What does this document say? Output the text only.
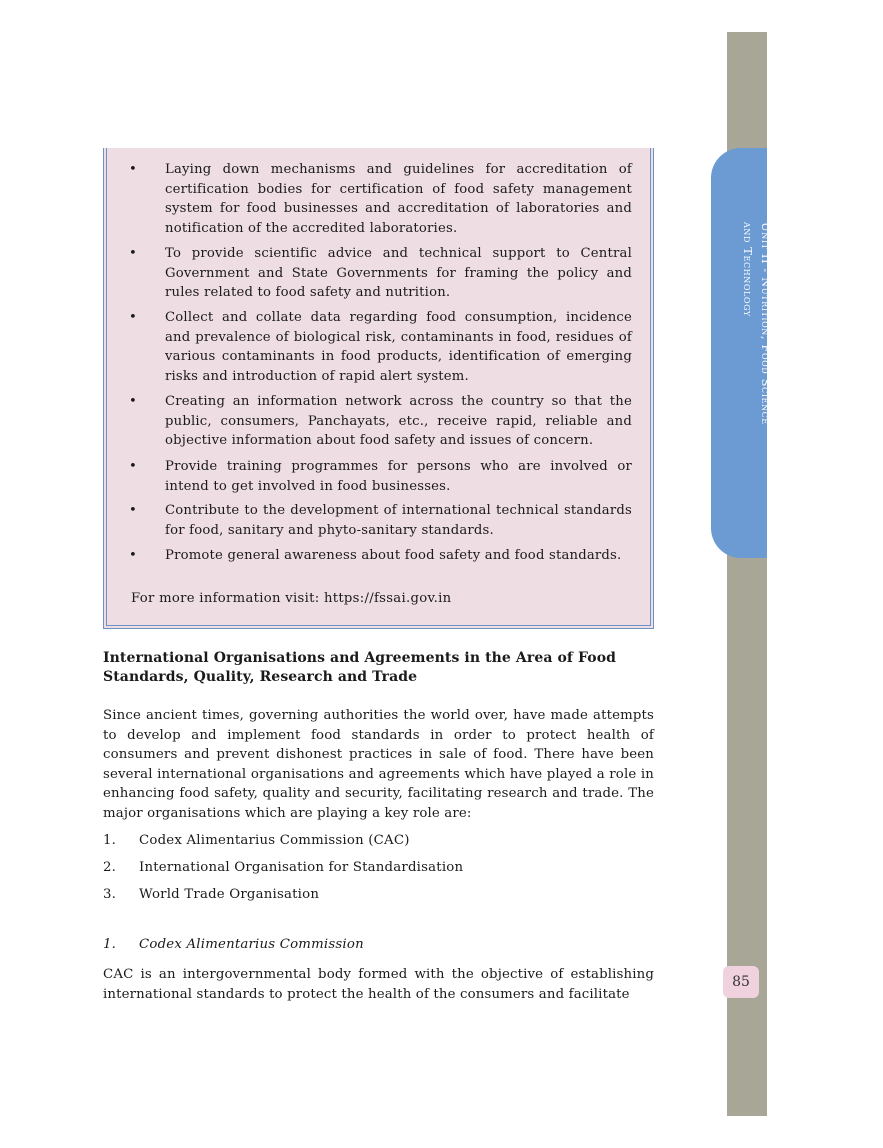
Unit II - Nutrition, Food Science
and Technology
85
• Laying down mechanisms and guidelines for accreditation of certification bodies for certification of food safety management system for food businesses and accreditation of laboratories and notification of the accredited laboratories.
• To provide scientific advice and technical support to Central Government and State Governments for framing the policy and rules related to food safety and nutrition.
• Collect and collate data regarding food consumption, incidence and prevalence of biological risk, contaminants in food, residues of various contaminants in food products, identification of emerging risks and introduction of rapid alert system.
• Creating an information network across the country so that the public, consumers, Panchayats, etc., receive rapid, reliable and objective information about food safety and issues of concern.
• Provide training programmes for persons who are involved or intend to get involved in food businesses.
• Contribute to the development of international technical standards for food, sanitary and phyto-sanitary standards.
• Promote general awareness about food safety and food standards.
For more information visit: https://fssai.gov.in
International Organisations and Agreements in the Area of Food Standards, Quality, Research and Trade
Since ancient times, governing authorities the world over, have made attempts to develop and implement food standards in order to protect health of consumers and prevent dishonest practices in sale of food. There have been several international organisations and agreements which have played a role in enhancing food safety, quality and security, facilitating research and trade. The major organisations which are playing a key role are:
1. Codex Alimentarius Commission (CAC)
2. International Organisation for Standardisation
3. World Trade Organisation
1. Codex Alimentarius Commission
CAC is an intergovernmental body formed with the objective of establishing international standards to protect the health of the consumers and facilitate
